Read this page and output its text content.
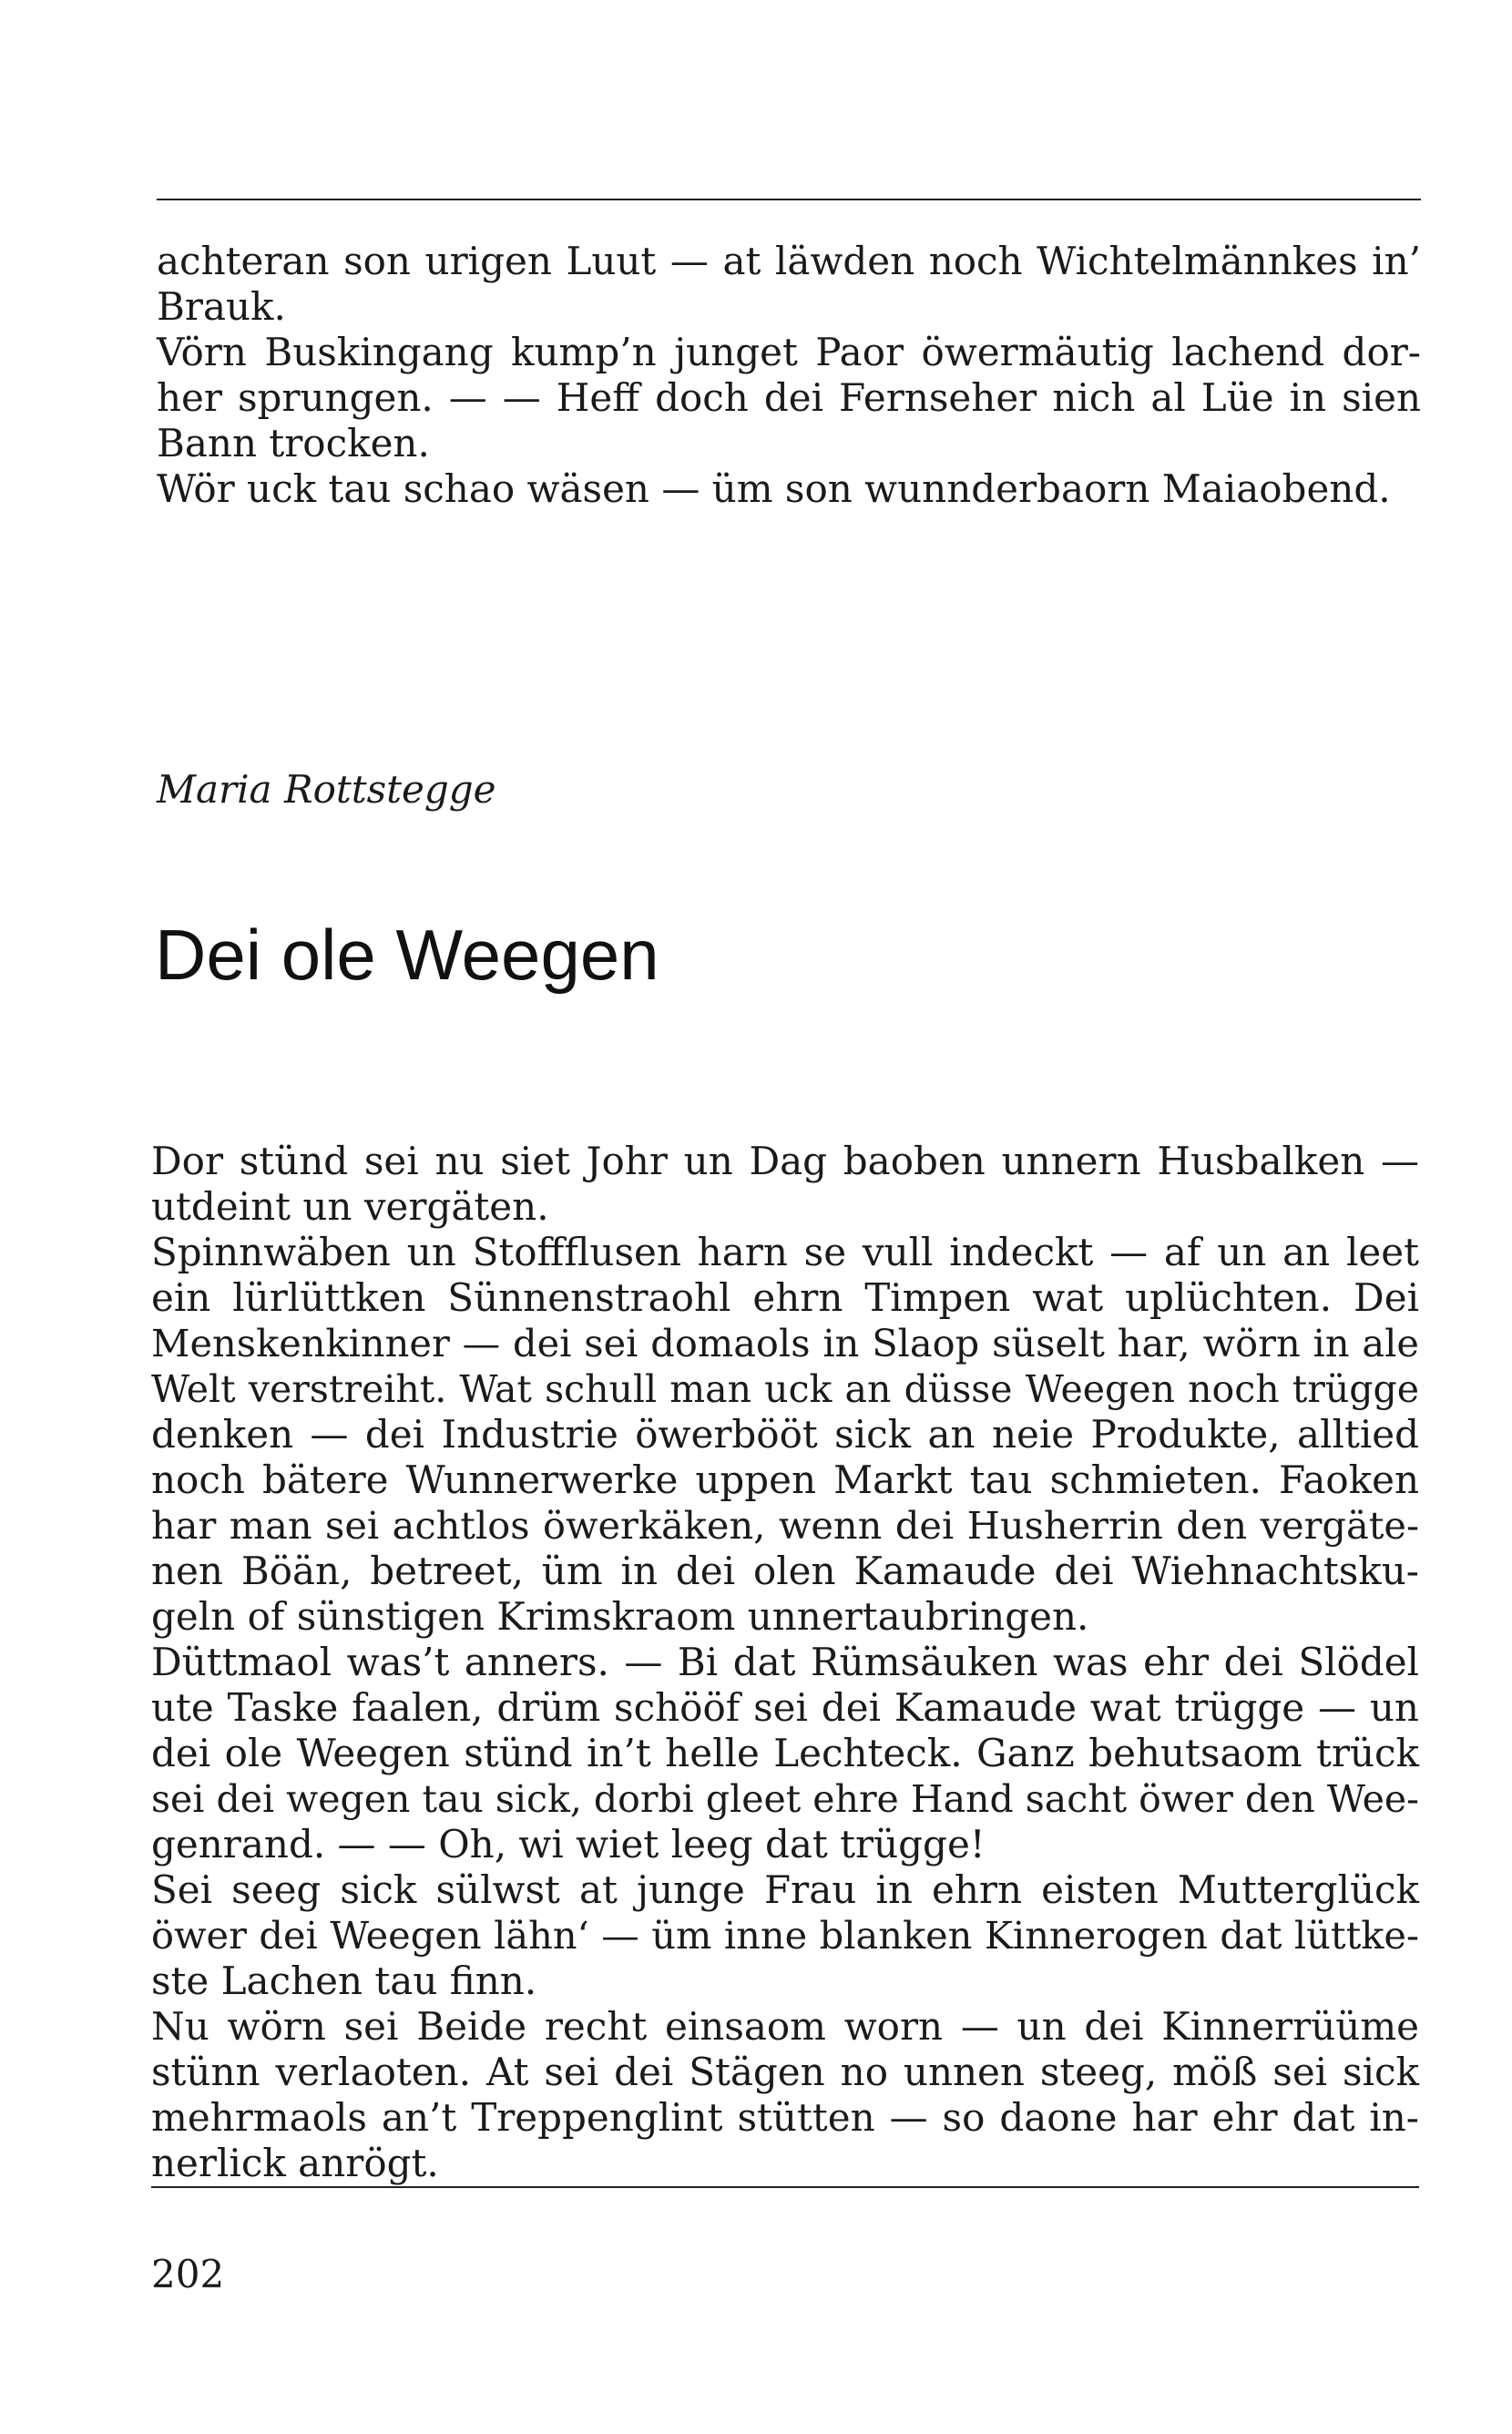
achteran son urigen Luut — at läwden noch Wichtelmännkes in’
Brauk.
Vörn Buskingang kump’n junget Paor öwermäutig lachend dor-
her sprungen. — — Heff doch dei Fernseher nich al Lüe in sien
Bann trocken.
Wör uck tau schao wäsen — üm son wunnderbaorn Maiaobend.
Maria Rottstegge
Dei ole Weegen
Dor stünd sei nu siet Johr un Dag baoben unnern Husbalken —
utdeint un vergäten.
Spinnwäben un Stoffflusen harn se vull indeckt — af un an leet
ein lürlüttken Sünnenstraohl ehrn Timpen wat uplüchten. Dei
Menskenkinner — dei sei domaols in Slaop süselt har, wörn in ale
Welt verstreiht. Wat schull man uck an düsse Weegen noch trügge
denken — dei Industrie öwerbööt sick an neie Produkte, alltied
noch bätere Wunnerwerke uppen Markt tau schmieten. Faoken
har man sei achtlos öwerkäken, wenn dei Husherrin den vergäte-
nen Böän, betreet, üm in dei olen Kamaude dei Wiehnachtsku-
geln of sünstigen Krimskraom unnertaubringen.
Düttmaol was’t anners. — Bi dat Rümsäuken was ehr dei Slödel
ute Taske faalen, drüm schööf sei dei Kamaude wat trügge — un
dei ole Weegen stünd in’t helle Lechteck. Ganz behutsaom trück
sei dei wegen tau sick, dorbi gleet ehre Hand sacht öwer den Wee-
genrand. — — Oh, wi wiet leeg dat trügge!
Sei seeg sick sülwst at junge Frau in ehrn eisten Mutterglück
öwer dei Weegen lähn‘ — üm inne blanken Kinnerogen dat lüttke-
ste Lachen tau finn.
Nu wörn sei Beide recht einsaom worn — un dei Kinnerrüüme
stünn verlaoten. At sei dei Stägen no unnen steeg, möß sei sick
mehrmaols an’t Treppenglint stütten — so daone har ehr dat in-
nerlick anrögt.
202
